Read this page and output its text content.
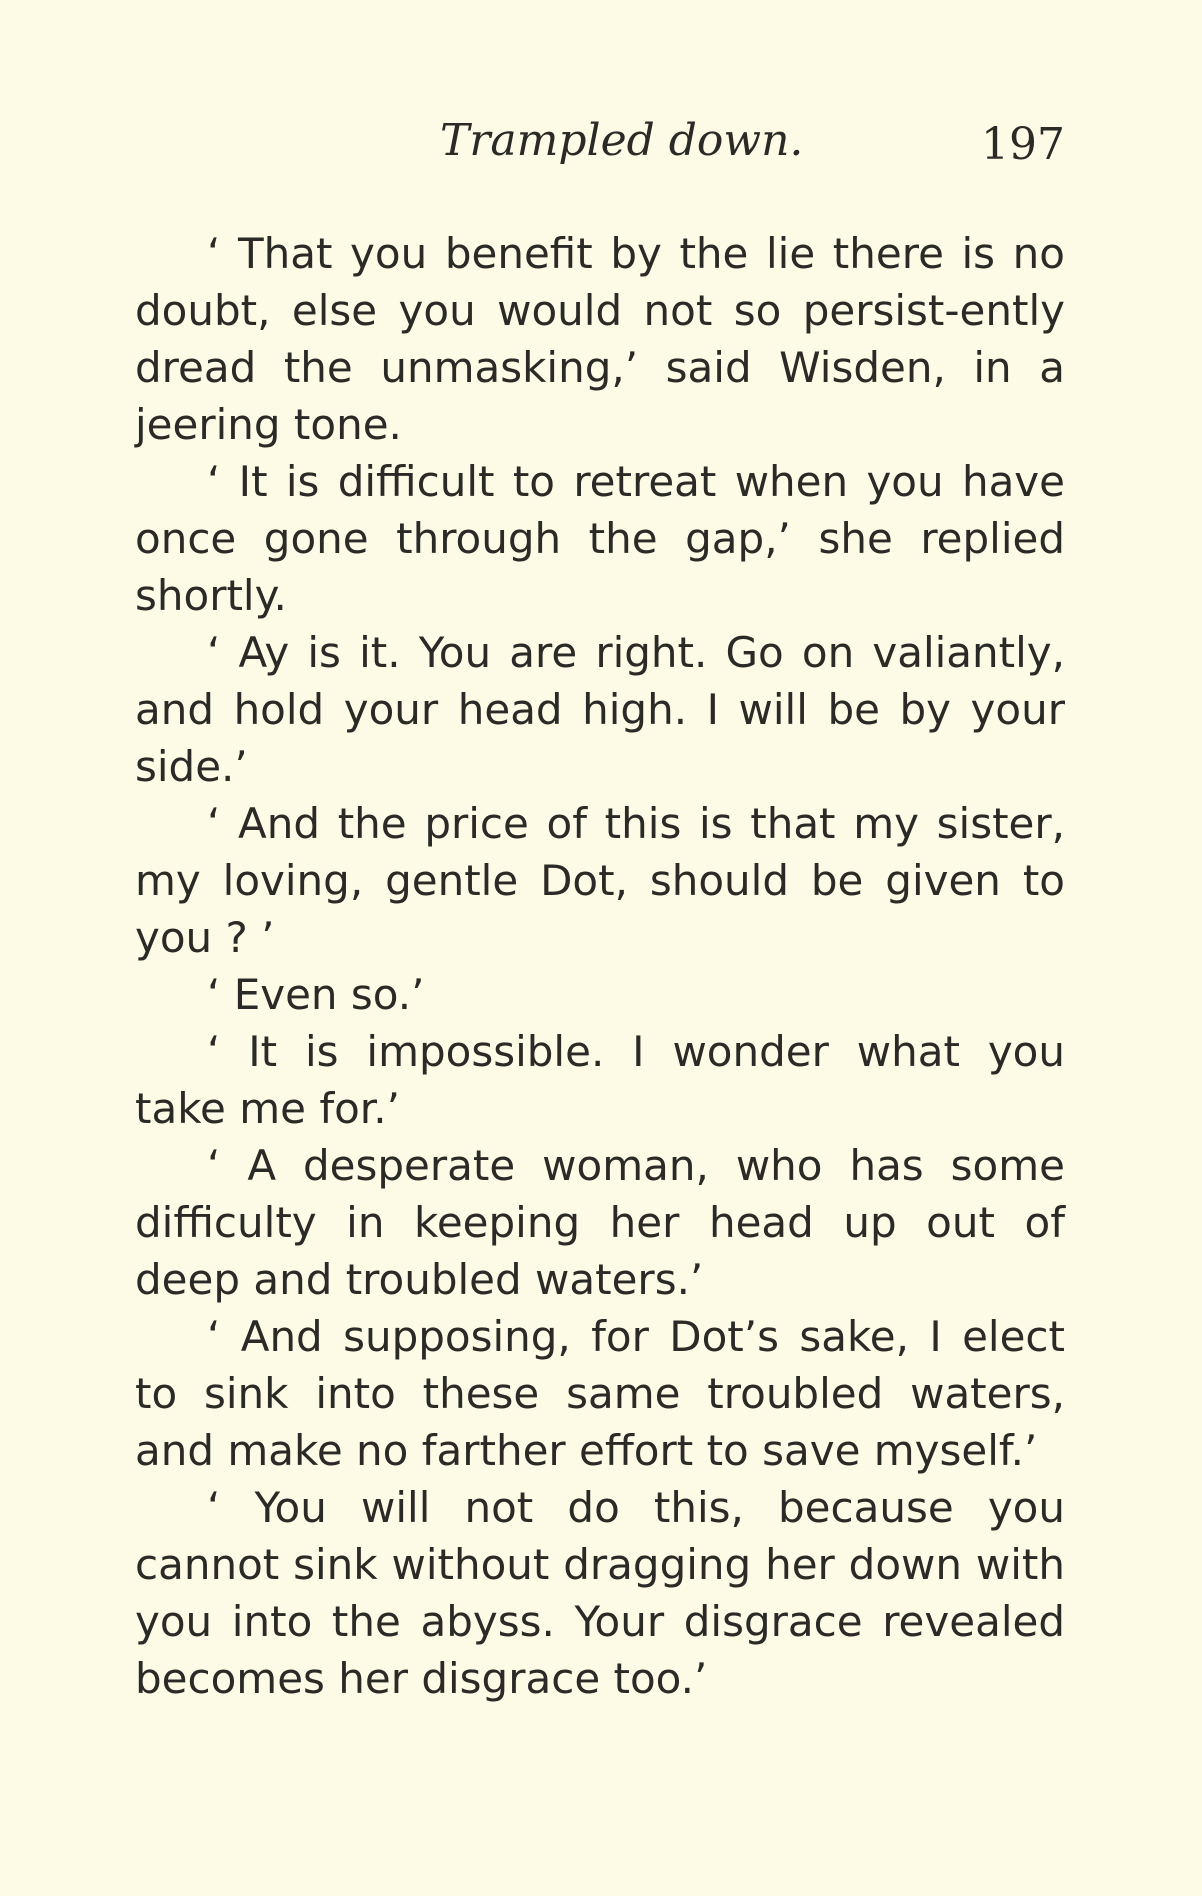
Trampled down.	197

‘ That you benefit by the lie there is no doubt, else you would not so persist-ently dread the unmasking,’ said Wisden, in a jeering tone.

‘ It is difficult to retreat when you have once gone through the gap,’ she replied shortly.

‘ Ay is it. You are right. Go on valiantly, and hold your head high. I will be by your side.’

‘ And the price of this is that my sister, my loving, gentle Dot, should be given to you ? ’

‘ Even so.’

‘ It is impossible. I wonder what you take me for.’

‘ A desperate woman, who has some difficulty in keeping her head up out of deep and troubled waters.’

‘ And supposing, for Dot’s sake, I elect to sink into these same troubled waters, and make no farther effort to save myself.’

‘ You will not do this, because you cannot sink without dragging her down with you into the abyss. Your disgrace revealed becomes her disgrace too.’
